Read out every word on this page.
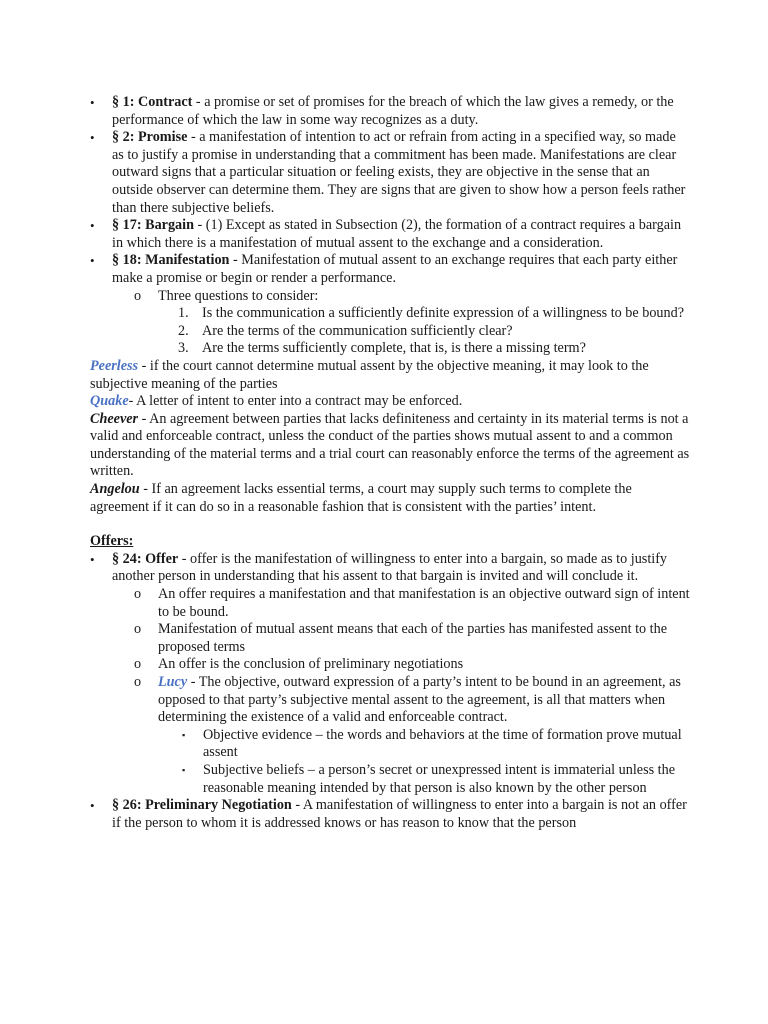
• § 1: Contract - a promise or set of promises for the breach of which the law gives a remedy, or the performance of which the law in some way recognizes as a duty.
• § 2: Promise - a manifestation of intention to act or refrain from acting in a specified way, so made as to justify a promise in understanding that a commitment has been made. Manifestations are clear outward signs that a particular situation or feeling exists, they are objective in the sense that an outside observer can determine them. They are signs that are given to show how a person feels rather than there subjective beliefs.
• § 17: Bargain - (1) Except as stated in Subsection (2), the formation of a contract requires a bargain in which there is a manifestation of mutual assent to the exchange and a consideration.
• § 18: Manifestation - Manifestation of mutual assent to an exchange requires that each party either make a promise or begin or render a performance.
o Three questions to consider:
1. Is the communication a sufficiently definite expression of a willingness to be bound?
2. Are the terms of the communication sufficiently clear?
3. Are the terms sufficiently complete, that is, is there a missing term?

Peerless - if the court cannot determine mutual assent by the objective meaning, it may look to the subjective meaning of the parties

Quake- A letter of intent to enter into a contract may be enforced.

Cheever - An agreement between parties that lacks definiteness and certainty in its material terms is not a valid and enforceable contract, unless the conduct of the parties shows mutual assent to and a common understanding of the material terms and a trial court can reasonably enforce the terms of the agreement as written.

Angelou - If an agreement lacks essential terms, a court may supply such terms to complete the agreement if it can do so in a reasonable fashion that is consistent with the parties’ intent.

Offers:

• § 24: Offer - offer is the manifestation of willingness to enter into a bargain, so made as to justify another person in understanding that his assent to that bargain is invited and will conclude it.
o An offer requires a manifestation and that manifestation is an objective outward sign of intent to be bound.
o Manifestation of mutual assent means that each of the parties has manifested assent to the proposed terms
o An offer is the conclusion of preliminary negotiations
o Lucy - The objective, outward expression of a party’s intent to be bound in an agreement, as opposed to that party’s subjective mental assent to the agreement, is all that matters when determining the existence of a valid and enforceable contract.
▪ Objective evidence – the words and behaviors at the time of formation prove mutual assent
▪ Subjective beliefs – a person’s secret or unexpressed intent is immaterial unless the reasonable meaning intended by that person is also known by the other person
• § 26: Preliminary Negotiation - A manifestation of willingness to enter into a bargain is not an offer if the person to whom it is addressed knows or has reason to know that the person
